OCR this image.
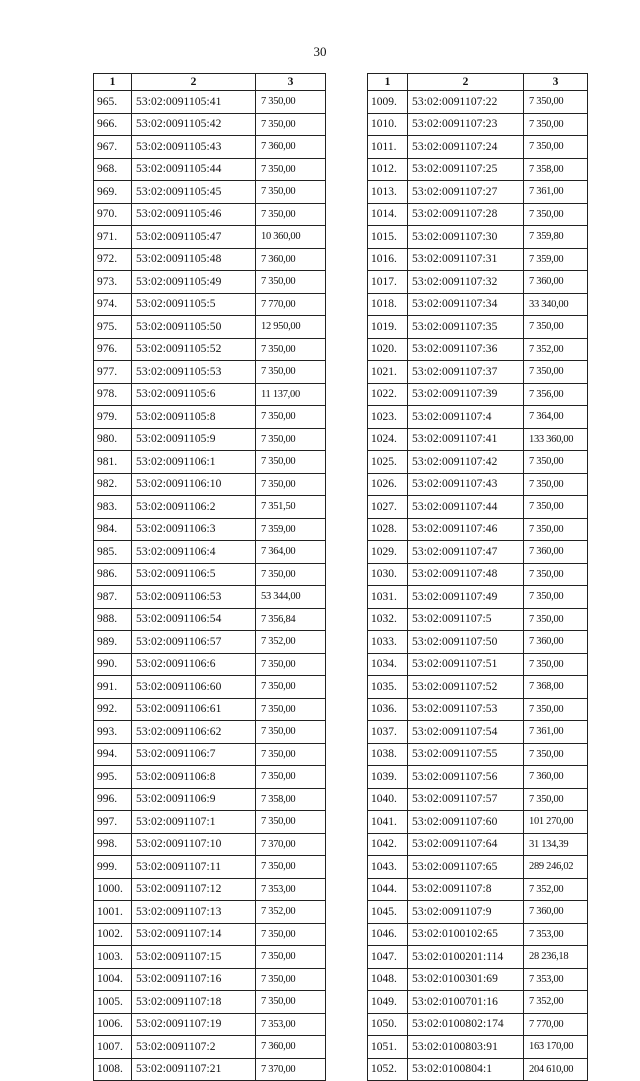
30
1	2	3
965.	53:02:0091105:41	7 350,00
966.	53:02:0091105:42	7 350,00
967.	53:02:0091105:43	7 360,00
968.	53:02:0091105:44	7 350,00
969.	53:02:0091105:45	7 350,00
970.	53:02:0091105:46	7 350,00
971.	53:02:0091105:47	10 360,00
972.	53:02:0091105:48	7 360,00
973.	53:02:0091105:49	7 350,00
974.	53:02:0091105:5	7 770,00
975.	53:02:0091105:50	12 950,00
976.	53:02:0091105:52	7 350,00
977.	53:02:0091105:53	7 350,00
978.	53:02:0091105:6	11 137,00
979.	53:02:0091105:8	7 350,00
980.	53:02:0091105:9	7 350,00
981.	53:02:0091106:1	7 350,00
982.	53:02:0091106:10	7 350,00
983.	53:02:0091106:2	7 351,50
984.	53:02:0091106:3	7 359,00
985.	53:02:0091106:4	7 364,00
986.	53:02:0091106:5	7 350,00
987.	53:02:0091106:53	53 344,00
988.	53:02:0091106:54	7 356,84
989.	53:02:0091106:57	7 352,00
990.	53:02:0091106:6	7 350,00
991.	53:02:0091106:60	7 350,00
992.	53:02:0091106:61	7 350,00
993.	53:02:0091106:62	7 350,00
994.	53:02:0091106:7	7 350,00
995.	53:02:0091106:8	7 350,00
996.	53:02:0091106:9	7 358,00
997.	53:02:0091107:1	7 350,00
998.	53:02:0091107:10	7 370,00
999.	53:02:0091107:11	7 350,00
1000.	53:02:0091107:12	7 353,00
1001.	53:02:0091107:13	7 352,00
1002.	53:02:0091107:14	7 350,00
1003.	53:02:0091107:15	7 350,00
1004.	53:02:0091107:16	7 350,00
1005.	53:02:0091107:18	7 350,00
1006.	53:02:0091107:19	7 353,00
1007.	53:02:0091107:2	7 360,00
1008.	53:02:0091107:21	7 370,00
1	2	3
1009.	53:02:0091107:22	7 350,00
1010.	53:02:0091107:23	7 350,00
1011.	53:02:0091107:24	7 350,00
1012.	53:02:0091107:25	7 358,00
1013.	53:02:0091107:27	7 361,00
1014.	53:02:0091107:28	7 350,00
1015.	53:02:0091107:30	7 359,80
1016.	53:02:0091107:31	7 359,00
1017.	53:02:0091107:32	7 360,00
1018.	53:02:0091107:34	33 340,00
1019.	53:02:0091107:35	7 350,00
1020.	53:02:0091107:36	7 352,00
1021.	53:02:0091107:37	7 350,00
1022.	53:02:0091107:39	7 356,00
1023.	53:02:0091107:4	7 364,00
1024.	53:02:0091107:41	133 360,00
1025.	53:02:0091107:42	7 350,00
1026.	53:02:0091107:43	7 350,00
1027.	53:02:0091107:44	7 350,00
1028.	53:02:0091107:46	7 350,00
1029.	53:02:0091107:47	7 360,00
1030.	53:02:0091107:48	7 350,00
1031.	53:02:0091107:49	7 350,00
1032.	53:02:0091107:5	7 350,00
1033.	53:02:0091107:50	7 360,00
1034.	53:02:0091107:51	7 350,00
1035.	53:02:0091107:52	7 368,00
1036.	53:02:0091107:53	7 350,00
1037.	53:02:0091107:54	7 361,00
1038.	53:02:0091107:55	7 350,00
1039.	53:02:0091107:56	7 360,00
1040.	53:02:0091107:57	7 350,00
1041.	53:02:0091107:60	101 270,00
1042.	53:02:0091107:64	31 134,39
1043.	53:02:0091107:65	289 246,02
1044.	53:02:0091107:8	7 352,00
1045.	53:02:0091107:9	7 360,00
1046.	53:02:0100102:65	7 353,00
1047.	53:02:0100201:114	28 236,18
1048.	53:02:0100301:69	7 353,00
1049.	53:02:0100701:16	7 352,00
1050.	53:02:0100802:174	7 770,00
1051.	53:02:0100803:91	163 170,00
1052.	53:02:0100804:1	204 610,00
